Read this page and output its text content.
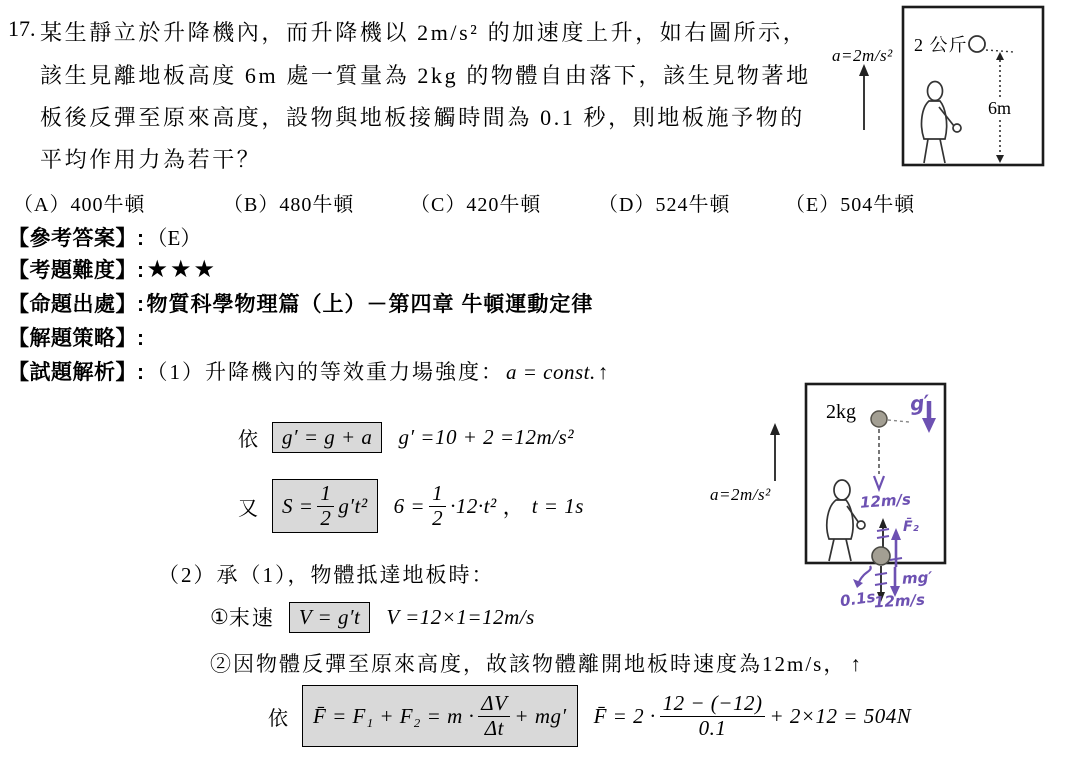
17. 某生靜立於升降機內，而升降機以 2m/s² 的加速度上升，如右圖所示，
該生見離地板高度 6m 處一質量為 2kg 的物體自由落下，該生見物著地
板後反彈至原來高度，設物與地板接觸時間為 0.1 秒，則地板施予物的
平均作用力為若干？
（A）400牛頓	（B）480牛頓	（C）420牛頓	（D）524牛頓	（E）504牛頓
【參考答案】: （E）
【考題難度】: ★★★
【命題出處】: 物質科學物理篇（上）－第四章 牛頓運動定律
【解題策略】:
【試題解析】: （1）升降機內的等效重力場強度： a = const. ↑
依	g′ = g + a	g′ =10 + 2 =12m/s²
又 $S = \frac{1}{2} g't^2$ $6 = \frac{1}{2} \cdot 12\cdot t^2$ ， t = 1s
（2）承（1），物體抵達地板時：
① 末速	V = g′t	V =12×1=12m/s
②因物體反彈至原來高度，故該物體離開地板時速度為12m/s， ↑
依 F̄ = $F_1 + F_2 = m \cdot \frac{\Delta V}{\Delta t} + mg'$ F̄ = $2 \cdot \frac{12 - (-12)}{0.1} + 2\times 12 = 504N$
a=2m/s²
2 公斤
6m
a=2m/s²
2kg	g′
12m/s
F̄₂
mg′
0.1s
12m/s
